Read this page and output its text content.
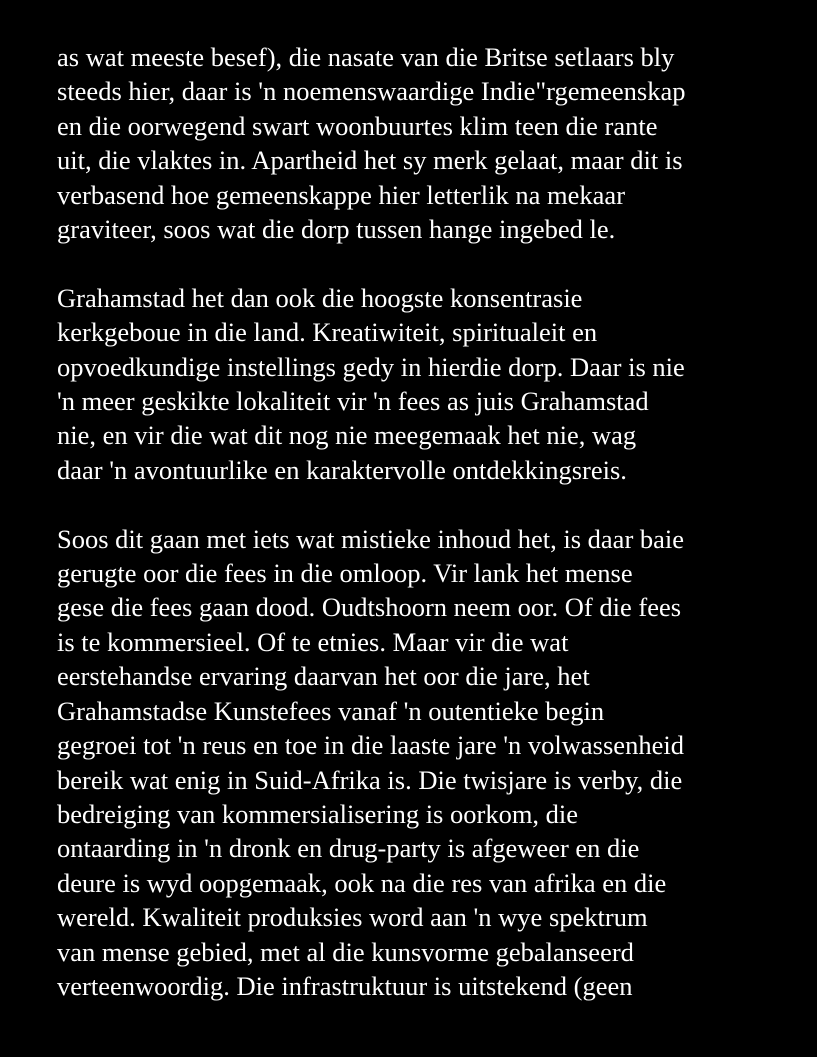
as wat meeste besef), die nasate van die Britse setlaars bly
steeds hier, daar is 'n noemenswaardige Indie"rgemeenskap
en die oorwegend swart woonbuurtes klim teen die rante
uit, die vlaktes in. Apartheid het sy merk gelaat, maar dit is
verbasend hoe gemeenskappe hier letterlik na mekaar
graviteer, soos wat die dorp tussen hange ingebed le.

Grahamstad het dan ook die hoogste konsentrasie
kerkgeboue in die land. Kreatiwiteit, spiritualeit en
opvoedkundige instellings gedy in hierdie dorp. Daar is nie
'n meer geskikte lokaliteit vir 'n fees as juis Grahamstad
nie, en vir die wat dit nog nie meegemaak het nie, wag
daar 'n avontuurlike en karaktervolle ontdekkingsreis.

Soos dit gaan met iets wat mistieke inhoud het, is daar baie
gerugte oor die fees in die omloop. Vir lank het mense
gese die fees gaan dood. Oudtshoorn neem oor. Of die fees
is te kommersieel. Of te etnies. Maar vir die wat
eerstehandse ervaring daarvan het oor die jare, het
Grahamstadse Kunstefees vanaf 'n outentieke begin
gegroei tot 'n reus en toe in die laaste jare 'n volwassenheid
bereik wat enig in Suid-Afrika is. Die twisjare is verby, die
bedreiging van kommersialisering is oorkom, die
ontaarding in 'n dronk en drug-party is afgeweer en die
deure is wyd oopgemaak, ook na die res van afrika en die
wereld. Kwaliteit produksies word aan 'n wye spektrum
van mense gebied, met al die kunsvorme gebalanseerd
verteenwoordig. Die infrastruktuur is uitstekend (geen
